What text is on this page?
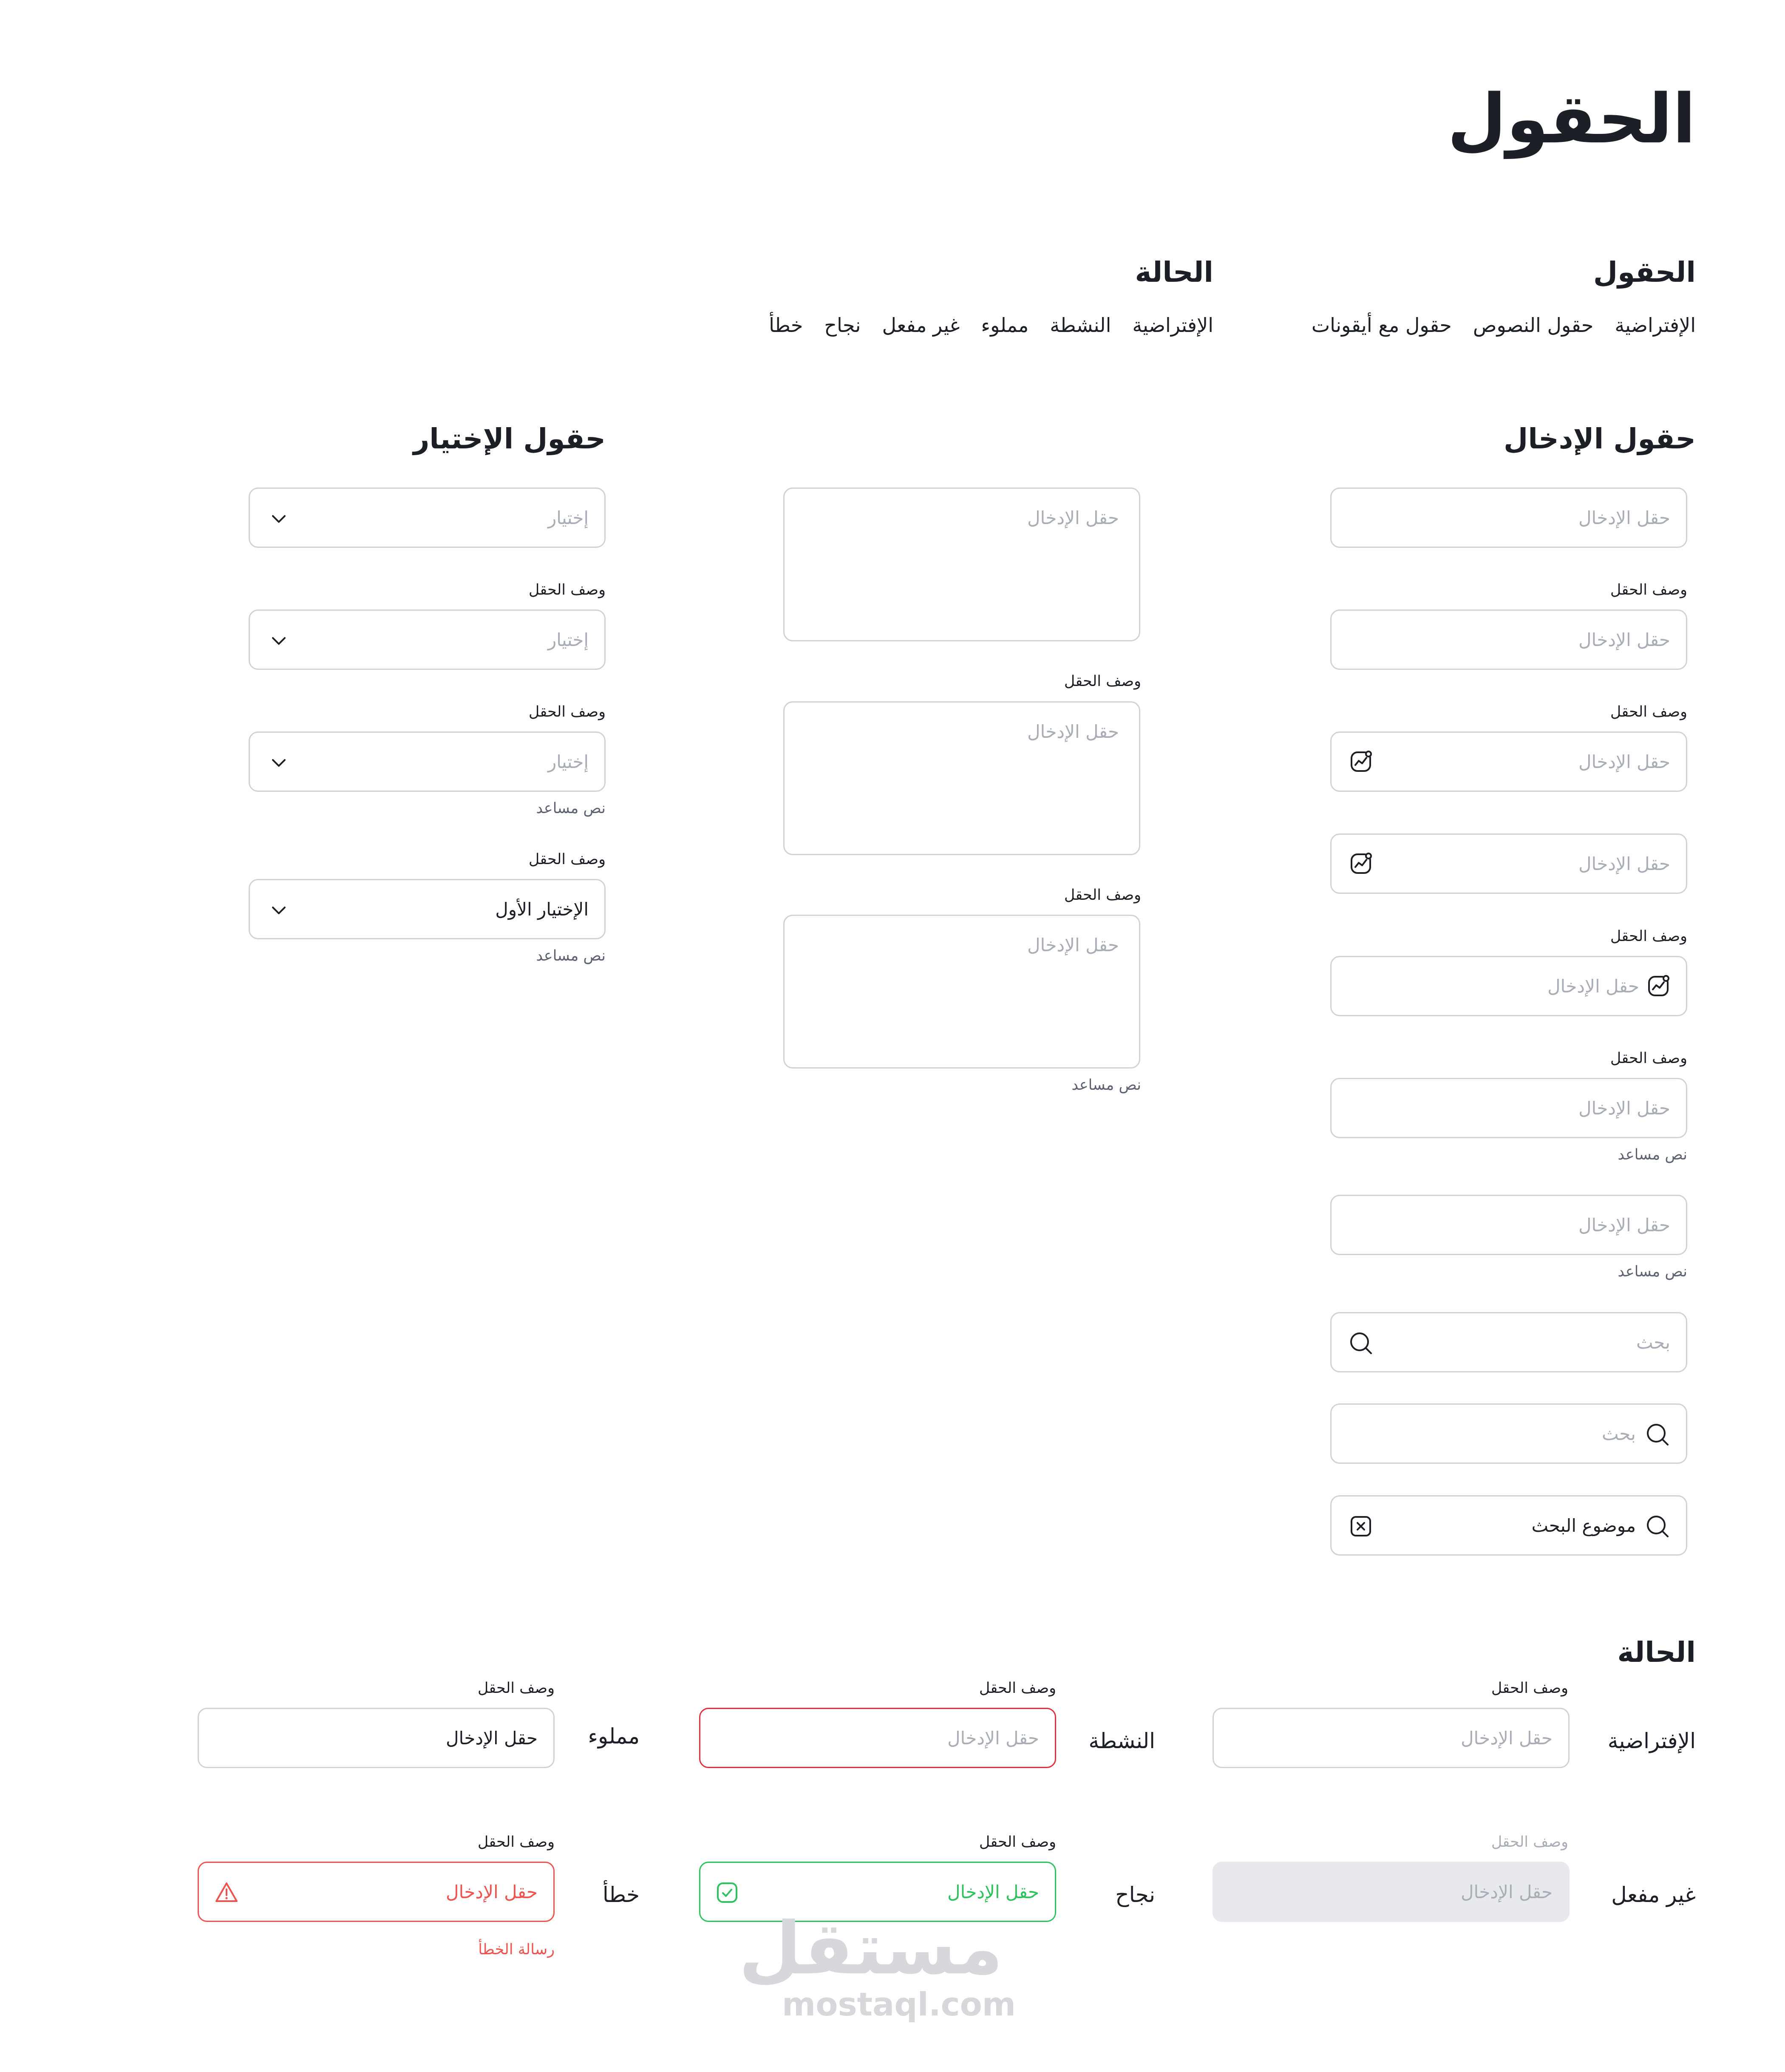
الحقول
الحقول
الإفتراضية
حقول النصوص
حقول مع أيقونات
الحالة
الإفتراضية
النشطة
مملوء
غير مفعل
نجاح
خطأ
حقول الإدخال
حقل الإدخال
وصف الحقل
حقل الإدخال
وصف الحقل
حقل الإدخال
حقل الإدخال
وصف الحقل
حقل الإدخال
وصف الحقل
حقل الإدخال
نص مساعد
حقل الإدخال
نص مساعد
بحث
بحث
موضوع البحث
حقل الإدخال
وصف الحقل
حقل الإدخال
وصف الحقل
حقل الإدخال
نص مساعد
حقول الإختيار
إختيار
وصف الحقل
إختيار
وصف الحقل
إختيار
نص مساعد
وصف الحقل
الإختيار الأول
نص مساعد
الحالة
الإفتراضية
وصف الحقل
حقل الإدخال
النشطة
وصف الحقل
حقل الإدخال
مملوء
وصف الحقل
حقل الإدخال
غير مفعل
وصف الحقل
حقل الإدخال
نجاح
وصف الحقل
حقل الإدخال
خطأ
وصف الحقل
حقل الإدخال
رسالة الخطأ	مستقل
mostaql.com
